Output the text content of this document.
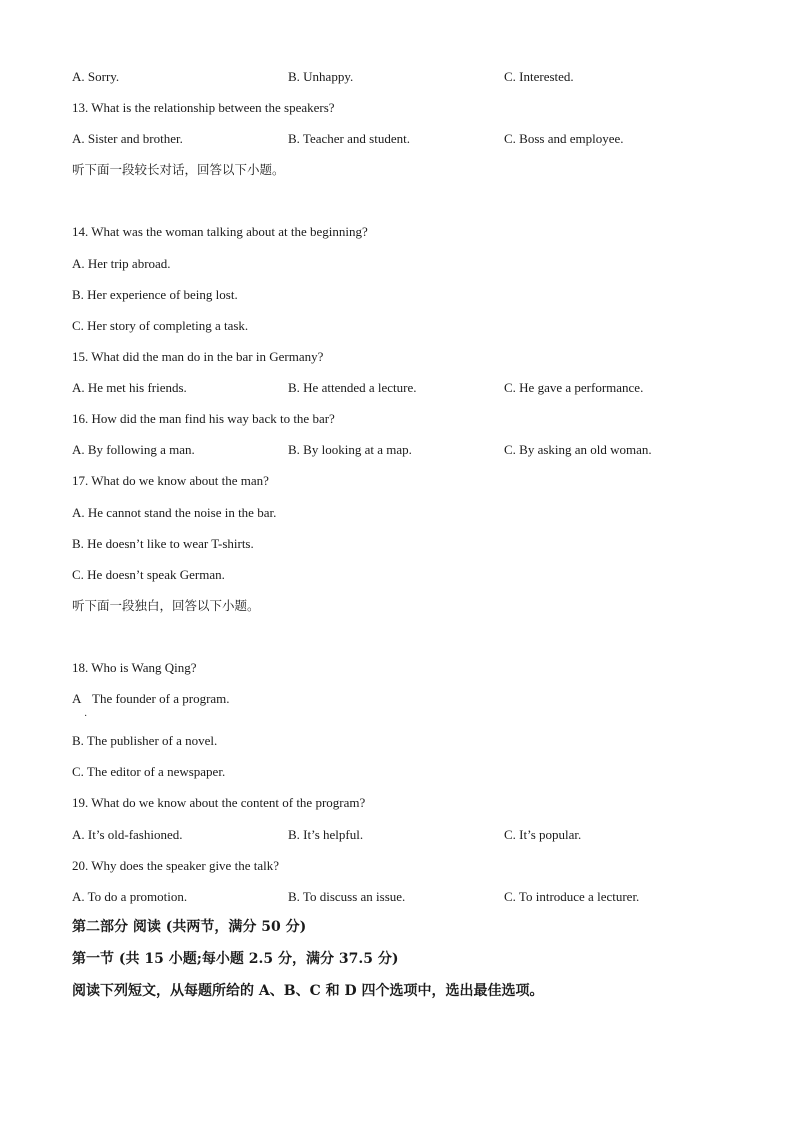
A. Sorry.	B. Unhappy.	C. Interested.
13. What is the relationship between the speakers?
A. Sister and brother.	B. Teacher and student.	C. Boss and employee.
听下面一段较长对话，回答以下小题。
14. What was the woman talking about at the beginning?
A. Her trip abroad.
B. Her experience of being lost.
C. Her story of completing a task.
15. What did the man do in the bar in Germany?
A. He met his friends.	B. He attended a lecture.	C. He gave a performance.
16. How did the man find his way back to the bar?
A. By following a man.	B. By looking at a map.	C. By asking an old woman.
17. What do we know about the man?
A. He cannot stand the noise in the bar.
B. He doesn’t like to wear T-shirts.
C. He doesn’t speak German.
听下面一段独白，回答以下小题。
18. Who is Wang Qing?
A The founder of a program.
·
B. The publisher of a novel.
C. The editor of a newspaper.
19. What do we know about the content of the program?
A. It’s old-fashioned.	B. It’s helpful.	C. It’s popular.
20. Why does the speaker give the talk?
A. To do a promotion.	B. To discuss an issue.	C. To introduce a lecturer.
第二部分 阅读 (共两节，满分 50 分)
第一节 (共 15 小题;每小题 2.5 分，满分 37.5 分)
阅读下列短文，从每题所给的 A、B、C 和 D 四个选项中，选出最佳选项。
